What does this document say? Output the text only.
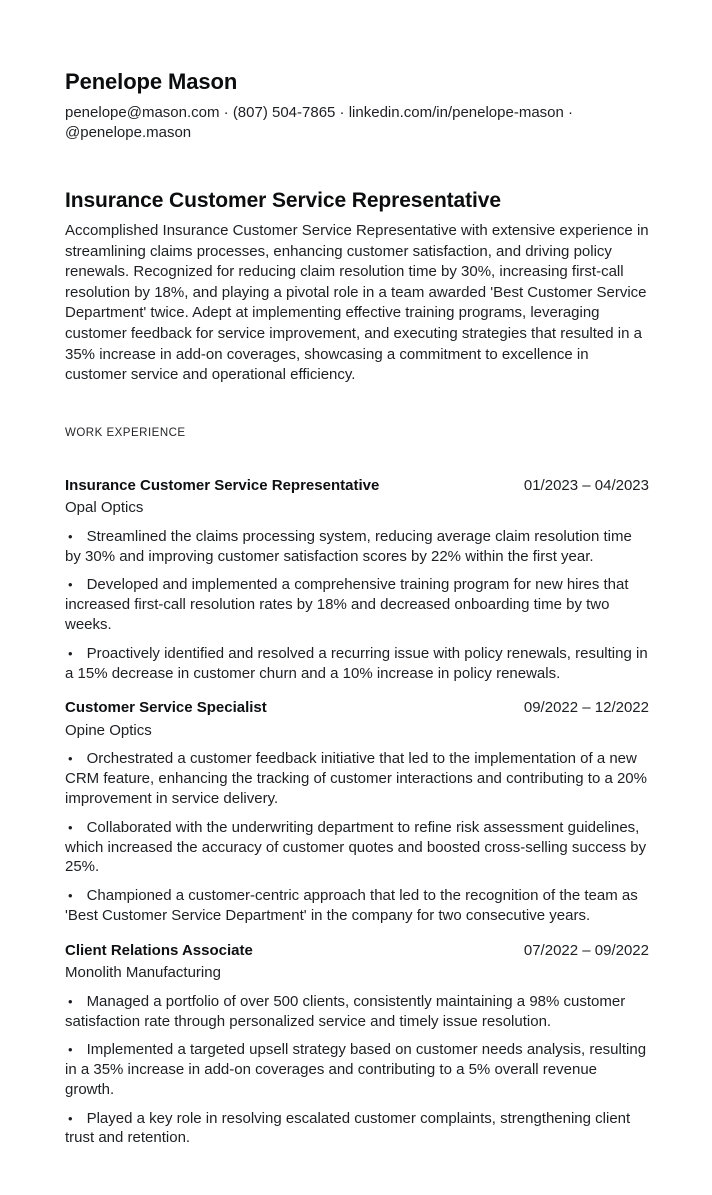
Penelope Mason

penelope@mason.com · (807) 504-7865 · linkedin.com/in/penelope-mason · @penelope.mason

Insurance Customer Service Representative

Accomplished Insurance Customer Service Representative with extensive experience in streamlining claims processes, enhancing customer satisfaction, and driving policy renewals. Recognized for reducing claim resolution time by 30%, increasing first-call resolution by 18%, and playing a pivotal role in a team awarded 'Best Customer Service Department' twice. Adept at implementing effective training programs, leveraging customer feedback for service improvement, and executing strategies that resulted in a 35% increase in add-on coverages, showcasing a commitment to excellence in customer service and operational efficiency.

WORK EXPERIENCE
Insurance Customer Service Representative	01/2023 – 04/2023
Opal Optics

• Streamlined the claims processing system, reducing average claim resolution time by 30% and improving customer satisfaction scores by 22% within the first year.

• Developed and implemented a comprehensive training program for new hires that increased first-call resolution rates by 18% and decreased onboarding time by two weeks.

• Proactively identified and resolved a recurring issue with policy renewals, resulting in a 15% decrease in customer churn and a 10% increase in policy renewals.

Customer Service Specialist	09/2022 – 12/2022
Opine Optics

• Orchestrated a customer feedback initiative that led to the implementation of a new CRM feature, enhancing the tracking of customer interactions and contributing to a 20% improvement in service delivery.

• Collaborated with the underwriting department to refine risk assessment guidelines, which increased the accuracy of customer quotes and boosted cross-selling success by 25%.

• Championed a customer-centric approach that led to the recognition of the team as 'Best Customer Service Department' in the company for two consecutive years.

Client Relations Associate	07/2022 – 09/2022
Monolith Manufacturing

• Managed a portfolio of over 500 clients, consistently maintaining a 98% customer satisfaction rate through personalized service and timely issue resolution.

• Implemented a targeted upsell strategy based on customer needs analysis, resulting in a 35% increase in add-on coverages and contributing to a 5% overall revenue growth.

• Played a key role in resolving escalated customer complaints, strengthening client trust and retention.
